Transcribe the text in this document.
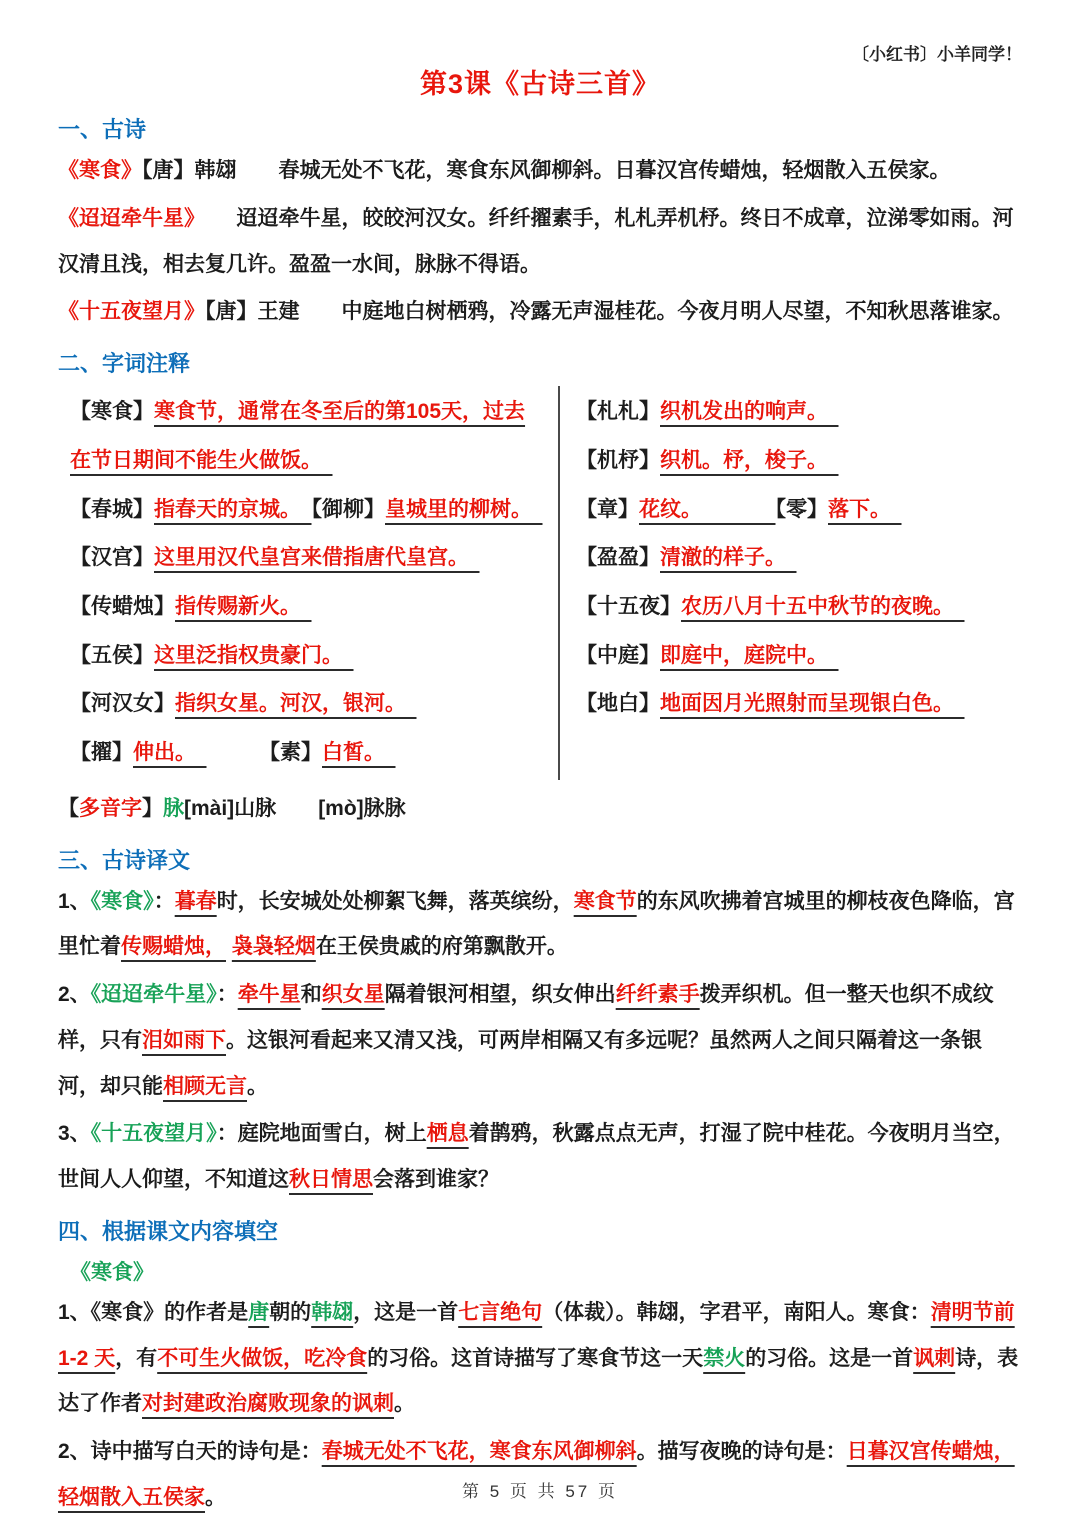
〔小红书〕小羊同学！
第3课《古诗三首》
一、古诗

《寒食》【唐】韩翃　　春城无处不飞花，寒食东风御柳斜。日暮汉宫传蜡烛，轻烟散入五侯家。

《迢迢牵牛星》　　迢迢牵牛星，皎皎河汉女。纤纤擢素手，札札弄机杼。终日不成章，泣涕零如雨。河汉清且浅，相去复几许。盈盈一水间，脉脉不得语。

《十五夜望月》【唐】王建　　中庭地白树栖鸦，冷露无声湿桂花。今夜月明人尽望，不知秋思落谁家。

二、字词注释

【寒食】寒食节，通常在冬至后的第105天，过去在节日期间不能生火做饭。　

【春城】指春天的京城。　【御柳】皇城里的柳树。　

【汉宫】这里用汉代皇宫来借指唐代皇宫。　

【传蜡烛】指传赐新火。　

【五侯】这里泛指权贵豪门。　

【河汉女】指织女星。河汉，银河。　

【擢】伸出。　　　　	【素】白皙。　

【札札】织机发出的响声。　

【机杼】织机。杼，梭子。　

【章】花纹。　　　　【零】落下。　

【盈盈】清澈的样子。　

【十五夜】农历八月十五中秋节的夜晚。　

【中庭】即庭中，庭院中。　

【地白】地面因月光照射而呈现银白色。　

【多音字】脉[mài]山脉　　 [mò]脉脉

三、古诗译文

1、《寒食》：暮春时，长安城处处柳絮飞舞，落英缤纷，寒食节的东风吹拂着宫城里的柳枝夜色降临，宫里忙着传赐蜡烛， 袅袅轻烟在王侯贵戚的府第飘散开。

2、《迢迢牵牛星》：牵牛星和织女星隔着银河相望，织女伸出纤纤素手拨弄织机。但一整天也织不成纹样，只有泪如雨下。这银河看起来又清又浅，可两岸相隔又有多远呢？虽然两人之间只隔着这一条银河，却只能相顾无言。

3、《十五夜望月》：庭院地面雪白，树上栖息着鹊鸦，秋露点点无声，打湿了院中桂花。今夜明月当空，世间人人仰望，不知道这秋日情思会落到谁家？

四、根据课文内容填空

《寒食》

1、《寒食》的作者是唐朝的韩翃，这是一首七言绝句（体裁）。韩翃，字君平，南阳人。寒食：清明节前 1-2 天，有不可生火做饭，吃冷食的习俗。这首诗描写了寒食节这一天禁火的习俗。这是一首讽刺诗，表达了作者对封建政治腐败现象的讽刺。

2、诗中描写白天的诗句是：春城无处不飞花，寒食东风御柳斜。描写夜晚的诗句是：日暮汉宫传蜡烛，轻烟散入五侯家。	第 5 页 共 57 页
